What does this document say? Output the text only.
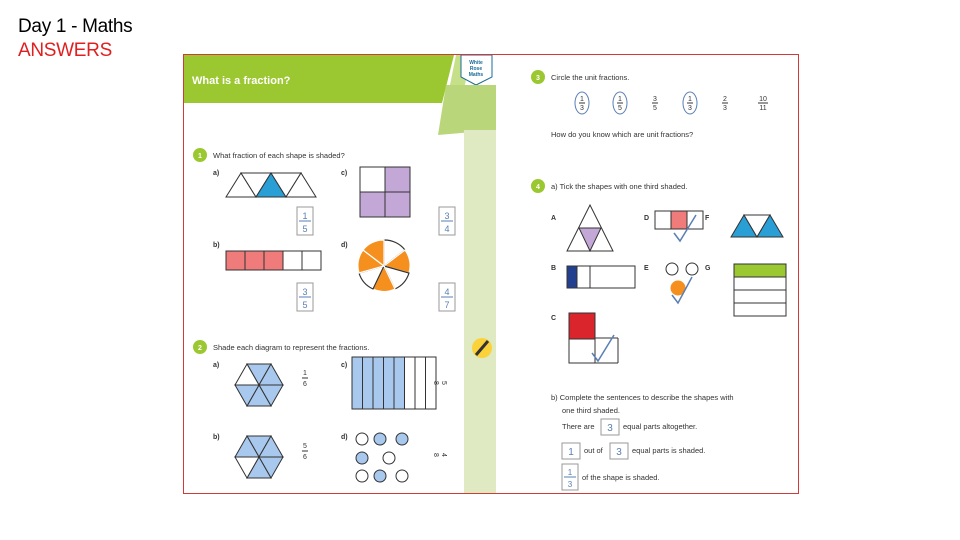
Day 1 - Maths
ANSWERS
What is a fraction?
White
Rose
Maths
1 What fraction of each shape is shaded?
a)	c)
b)	d)
1
5
3
4
3
5
4
7
2 Shade each diagram to represent the fractions.
a)	c)
b)	d)
1
6
5
6
5
8
4
8
3 Circle the unit fractions.
1
3
1
5
3
5
1
3
2
3
10
11
How do you know which are unit fractions?
4 a) Tick the shapes with one third shaded.
A
B
C
D
E
F
G
b) Complete the sentences to describe the shapes with
one third shaded.
There are 3 equal parts altogether.
1 out of 3 equal parts is shaded.
1
3
of the shape is shaded.
